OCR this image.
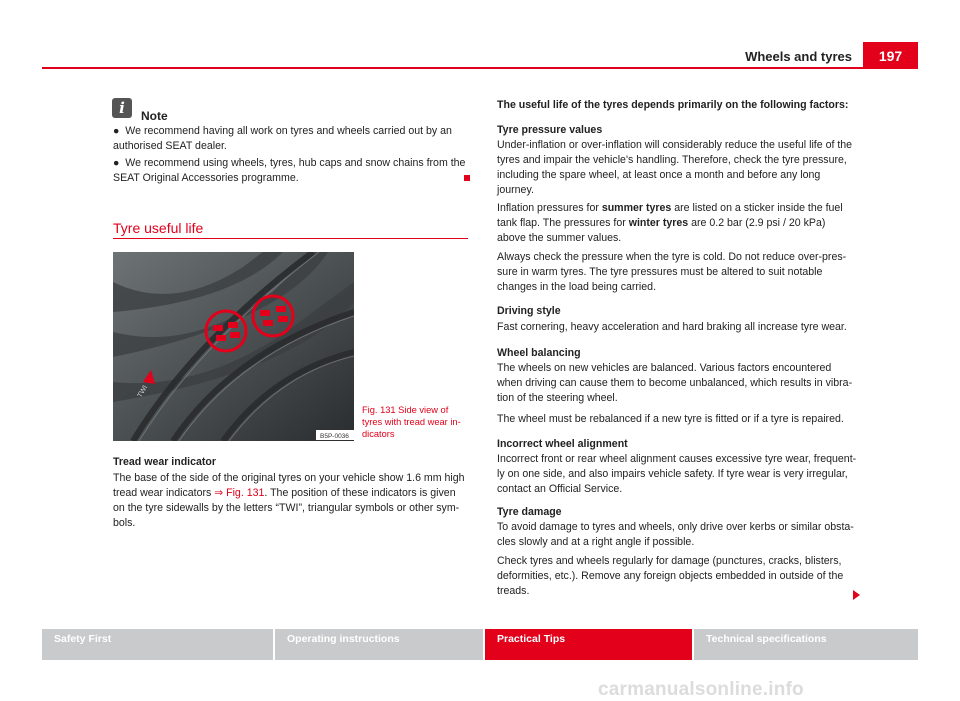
Wheels and tyres	197
i	Note
● We recommend having all work on tyres and wheels carried out by an authorised SEAT dealer.
● We recommend using wheels, tyres, hub caps and snow chains from the SEAT Original Accessories programme.
Tyre useful life
TWI
B5P-0036
Fig. 131 Side view of tyres with tread wear indicators
Tread wear indicator
The base of the side of the original tyres on your vehicle show 1.6 mm high tread wear indicators ⇒ Fig. 131. The position of these indicators is given on the tyre sidewalls by the letters “TWI”, triangular symbols or other symbols.
The useful life of the tyres depends primarily on the following factors:
Tyre pressure values
Under-inflation or over-inflation will considerably reduce the useful life of the tyres and impair the vehicle's handling. Therefore, check the tyre pressure, including the spare wheel, at least once a month and before any long journey.
Inflation pressures for summer tyres are listed on a sticker inside the fuel tank flap. The pressures for winter tyres are 0.2 bar (2.9 psi / 20 kPa) above the summer values.
Always check the pressure when the tyre is cold. Do not reduce over-pressure in warm tyres. The tyre pressures must be altered to suit notable changes in the load being carried.
Driving style
Fast cornering, heavy acceleration and hard braking all increase tyre wear.
Wheel balancing
The wheels on new vehicles are balanced. Various factors encountered when driving can cause them to become unbalanced, which results in vibration of the steering wheel.
The wheel must be rebalanced if a new tyre is fitted or if a tyre is repaired.
Incorrect wheel alignment
Incorrect front or rear wheel alignment causes excessive tyre wear, frequently on one side, and also impairs vehicle safety. If tyre wear is very irregular, contact an Official Service.
Tyre damage
To avoid damage to tyres and wheels, only drive over kerbs or similar obstacles slowly and at a right angle if possible.
Check tyres and wheels regularly for damage (punctures, cracks, blisters, deformities, etc.). Remove any foreign objects embedded in outside of the treads.
Safety First	Operating instructions	Practical Tips	Technical specifications
carmanualsonline.info
